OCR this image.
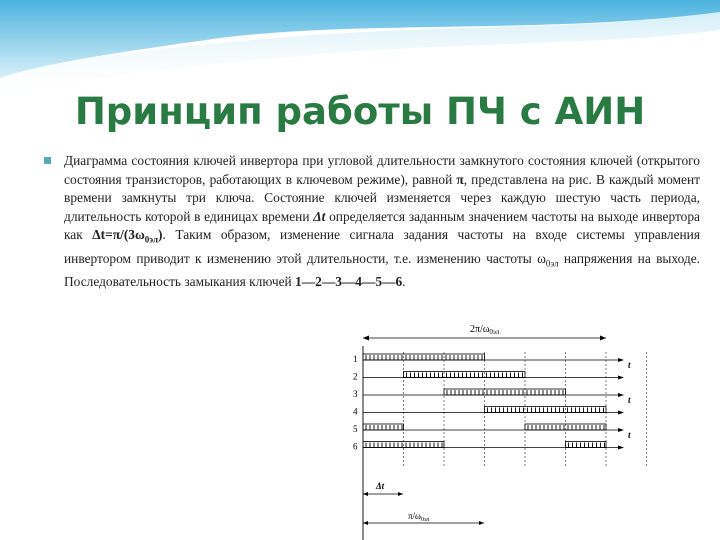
Принцип работы ПЧ с АИН

Диаграмма состояния ключей инвертора при угловой длительности замкнутого состояния ключей (открытого состояния транзисторов, работающих в ключевом режиме), равной π, представлена на рис. В каждый момент времени замкнуты три ключа. Состояние ключей изменяется через каждую шестую часть периода, длительность которой в единицах времени Δt определяется заданным значением частоты на выходе инвертора как $\Delta t=\pi/(3\omega_{0эл})$. Таким образом, изменение сигнала задания частоты на входе системы управления инвертором приводит к изменению этой длительности, т.е. изменению частоты $\omega_{0эл}$ напряжения на выходе. Последовательность замыкания ключей 1—2—3—4—5—6.

$2\pi/\omega_{0эл}$
1
t
2
3
t
4
5
t
6
Δt
$\pi/\omega_{0эл}$
